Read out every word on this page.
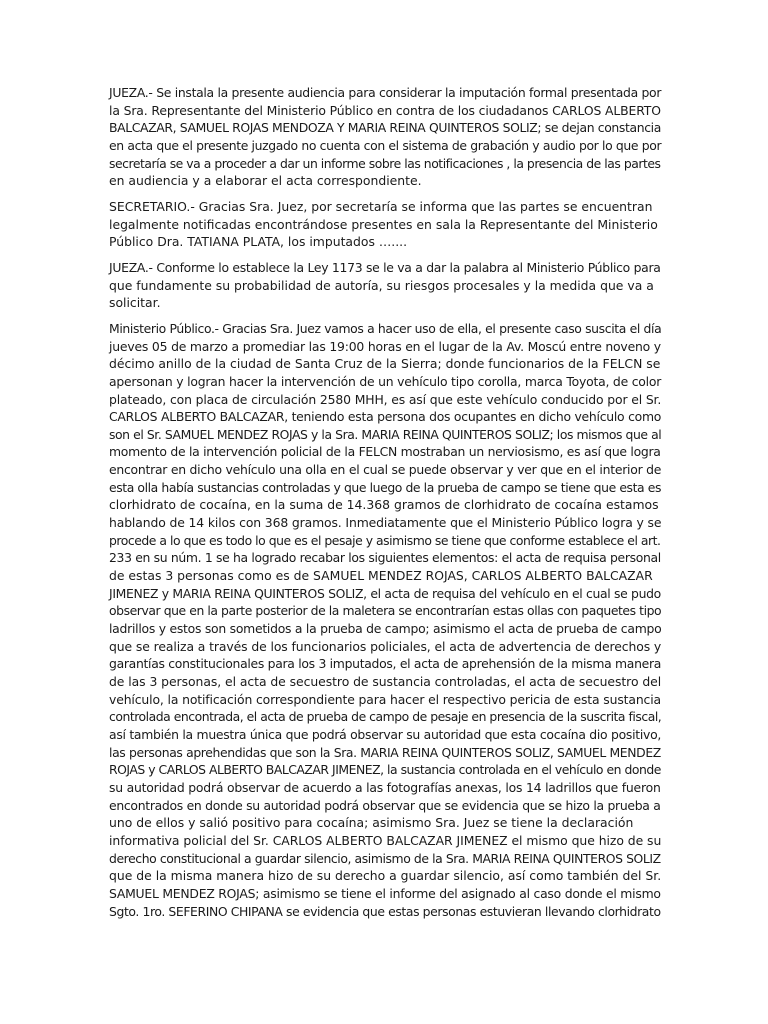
JUEZA.- Se instala la presente audiencia para considerar la imputación formal presentada por
la Sra. Representante del Ministerio Público en contra de los ciudadanos CARLOS ALBERTO
BALCAZAR, SAMUEL ROJAS MENDOZA Y MARIA REINA QUINTEROS SOLIZ; se dejan constancia
en acta que el presente juzgado no cuenta con el sistema de grabación y audio por lo que por
secretaría se va a proceder a dar un informe sobre las notificaciones , la presencia de las partes
en audiencia y a elaborar el acta correspondiente.

SECRETARIO.- Gracias Sra. Juez, por secretaría se informa que las partes se encuentran
legalmente notificadas encontrándose presentes en sala la Representante del Ministerio
Público Dra. TATIANA PLATA, los imputados …....

JUEZA.- Conforme lo establece la Ley 1173 se le va a dar la palabra al Ministerio Público para
que fundamente su probabilidad de autoría, su riesgos procesales y la medida que va a
solicitar.

Ministerio Público.- Gracias Sra. Juez vamos a hacer uso de ella, el presente caso suscita el día
jueves 05 de marzo a promediar las 19:00 horas en el lugar de la Av. Moscú entre noveno y
décimo anillo de la ciudad de Santa Cruz de la Sierra; donde funcionarios de la FELCN se
apersonan y logran hacer la intervención de un vehículo tipo corolla, marca Toyota, de color
plateado, con placa de circulación 2580 MHH, es así que este vehículo conducido por el Sr.
CARLOS ALBERTO BALCAZAR, teniendo esta persona dos ocupantes en dicho vehículo como
son el Sr. SAMUEL MENDEZ ROJAS y la Sra. MARIA REINA QUINTEROS SOLIZ; los mismos que al
momento de la intervención policial de la FELCN mostraban un nerviosismo, es así que logra
encontrar en dicho vehículo una olla en el cual se puede observar y ver que en el interior de
esta olla había sustancias controladas y que luego de la prueba de campo se tiene que esta es
clorhidrato de cocaína, en la suma de 14.368 gramos de clorhidrato de cocaína estamos
hablando de 14 kilos con 368 gramos. Inmediatamente que el Ministerio Público logra y se
procede a lo que es todo lo que es el pesaje y asimismo se tiene que conforme establece el art.
233 en su núm. 1 se ha logrado recabar los siguientes elementos: el acta de requisa personal
de estas 3 personas como es de SAMUEL MENDEZ ROJAS, CARLOS ALBERTO BALCAZAR
JIMENEZ y MARIA REINA QUINTEROS SOLIZ, el acta de requisa del vehículo en el cual se pudo
observar que en la parte posterior de la maletera se encontrarían estas ollas con paquetes tipo
ladrillos y estos son sometidos a la prueba de campo; asimismo el acta de prueba de campo
que se realiza a través de los funcionarios policiales, el acta de advertencia de derechos y
garantías constitucionales para los 3 imputados, el acta de aprehensión de la misma manera
de las 3 personas, el acta de secuestro de sustancia controladas, el acta de secuestro del
vehículo, la notificación correspondiente para hacer el respectivo pericia de esta sustancia
controlada encontrada, el acta de prueba de campo de pesaje en presencia de la suscrita fiscal,
así también la muestra única que podrá observar su autoridad que esta cocaína dio positivo,
las personas aprehendidas que son la Sra. MARIA REINA QUINTEROS SOLIZ, SAMUEL MENDEZ
ROJAS y CARLOS ALBERTO BALCAZAR JIMENEZ, la sustancia controlada en el vehículo en donde
su autoridad podrá observar de acuerdo a las fotografías anexas, los 14 ladrillos que fueron
encontrados en donde su autoridad podrá observar que se evidencia que se hizo la prueba a
uno de ellos y salió positivo para cocaína; asimismo Sra. Juez se tiene la declaración
informativa policial del Sr. CARLOS ALBERTO BALCAZAR JIMENEZ el mismo que hizo de su
derecho constitucional a guardar silencio, asimismo de la Sra. MARIA REINA QUINTEROS SOLIZ
que de la misma manera hizo de su derecho a guardar silencio, así como también del Sr.
SAMUEL MENDEZ ROJAS; asimismo se tiene el informe del asignado al caso donde el mismo
Sgto. 1ro. SEFERINO CHIPANA se evidencia que estas personas estuvieran llevando clorhidrato
